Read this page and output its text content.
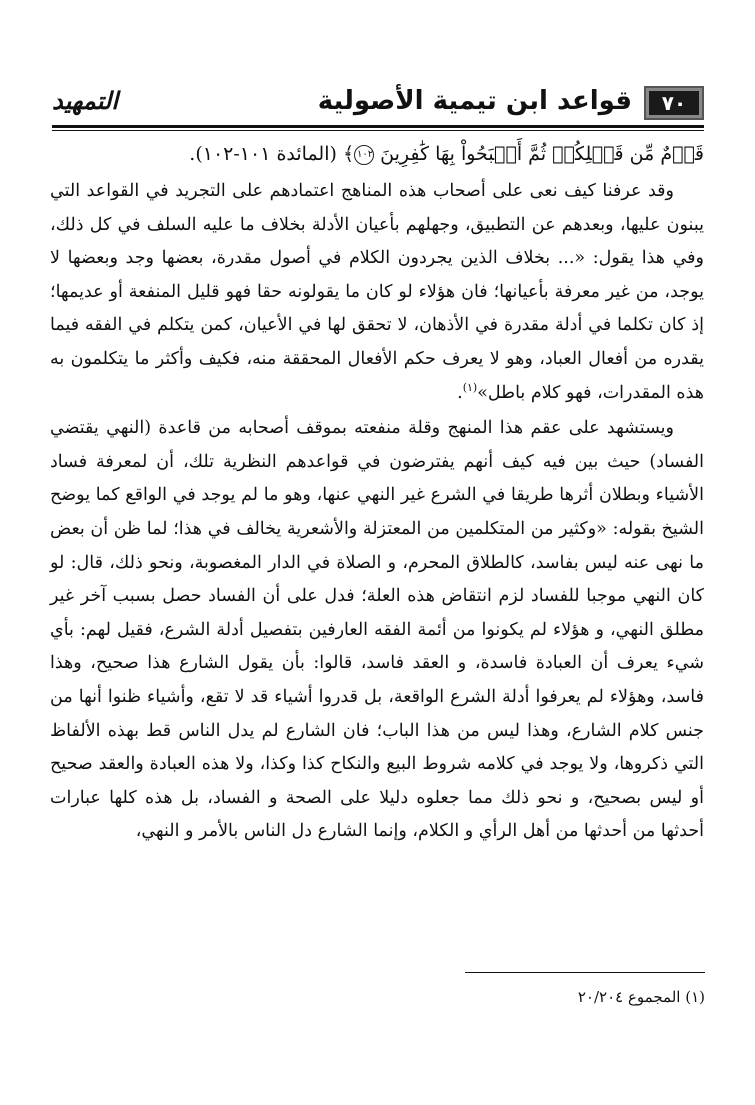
٧٠
قواعد ابن تيمية الأصولية
التمهيد

قَوۡمٌ مِّن قَبۡلِكُمۡ ثُمَّ أَصۡبَحُواْ بِهَا كَٰفِرِينَ ١٠٢﴾ (المائدة ١٠١-١٠٢).

وقد عرفنا كيف نعى على أصحاب هذه المناهج اعتمادهم على التجريد في القواعد التي يبنون عليها، وبعدهم عن التطبيق، وجهلهم بأعيان الأدلة بخلاف ما عليه السلف في كل ذلك، وفي هذا يقول: «... بخلاف الذين يجردون الكلام في أصول مقدرة، بعضها وجد وبعضها لا يوجد، من غير معرفة بأعيانها؛ فان هؤلاء لو كان ما يقولونه حقا فهو قليل المنفعة أو عديمها؛ إذ كان تكلما في أدلة مقدرة في الأذهان، لا تحقق لها في الأعيان، كمن يتكلم في الفقه فيما يقدره من أفعال العباد، وهو لا يعرف حكم الأفعال المحققة منه، فكيف وأكثر ما يتكلمون به هذه المقدرات، فهو كلام باطل»$^{(١)}$.

ويستشهد على عقم هذا المنهج وقلة منفعته بموقف أصحابه من قاعدة (النهي يقتضي الفساد) حيث بين فيه كيف أنهم يفترضون في قواعدهم النظرية تلك، أن لمعرفة فساد الأشياء وبطلان أثرها طريقا في الشرع غير النهي عنها، وهو ما لم يوجد في الواقع كما يوضح الشيخ بقوله: «وكثير من المتكلمين من المعتزلة والأشعرية يخالف في هذا؛ لما ظن أن بعض ما نهى عنه ليس بفاسد، كالطلاق المحرم، و الصلاة في الدار المغصوبة، ونحو ذلك، قال: لو كان النهي موجبا للفساد لزم انتقاض هذه العلة؛ فدل على أن الفساد حصل بسبب آخر غير مطلق النهي، و هؤلاء لم يكونوا من أئمة الفقه العارفين بتفصيل أدلة الشرع، فقيل لهم: بأي شيء يعرف أن العبادة فاسدة، و العقد فاسد، قالوا: بأن يقول الشارع هذا صحيح، وهذا فاسد، وهؤلاء لم يعرفوا أدلة الشرع الواقعة، بل قدروا أشياء قد لا تقع، وأشياء ظنوا أنها من جنس كلام الشارع، وهذا ليس من هذا الباب؛ فان الشارع لم يدل الناس قط بهذه الألفاظ التي ذكروها، ولا يوجد في كلامه شروط البيع والنكاح كذا وكذا، ولا هذه العبادة والعقد صحيح أو ليس بصحيح، و نحو ذلك مما جعلوه دليلا على الصحة و الفساد، بل هذه كلها عبارات أحدثها من أحدثها من أهل الرأي و الكلام، وإنما الشارع دل الناس بالأمر و النهي،

(١) المجموع ٢٠/٢٠٤
